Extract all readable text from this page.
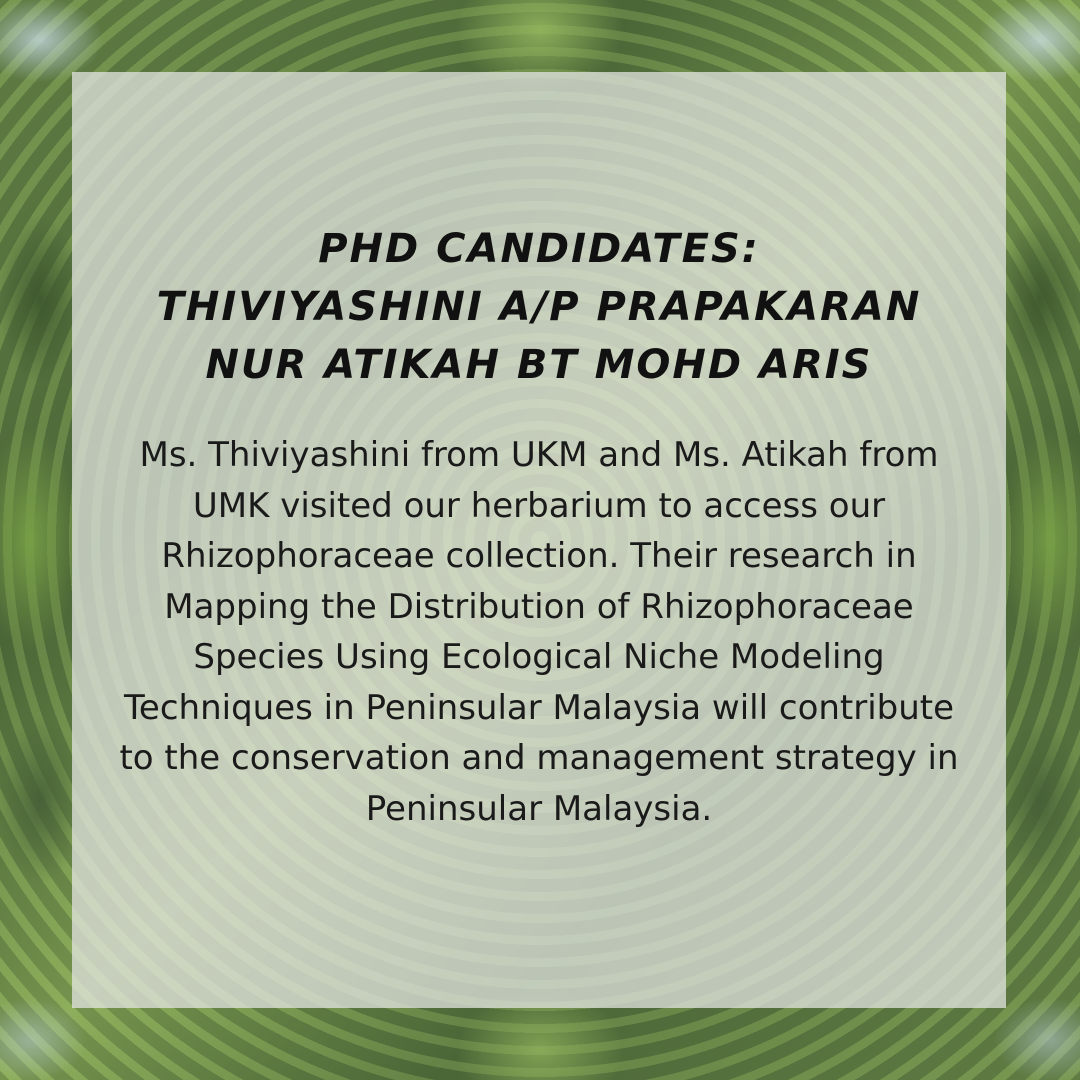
PHD CANDIDATES:
THIVIYASHINI A/P PRAPAKARAN
NUR ATIKAH BT MOHD ARIS

Ms. Thiviyashini from UKM and Ms. Atikah from UMK visited our herbarium to access our Rhizophoraceae collection. Their research in Mapping the Distribution of Rhizophoraceae Species Using Ecological Niche Modeling Techniques in Peninsular Malaysia will contribute to the conservation and management strategy in Peninsular Malaysia.
